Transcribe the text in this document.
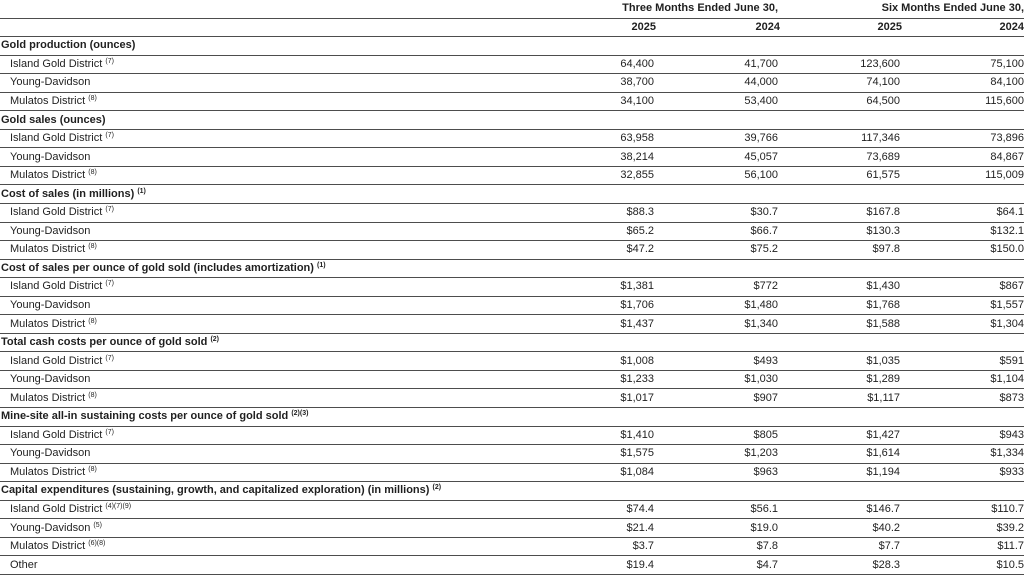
	Three Months Ended June 30,		Six Months Ended June 30,	
	2025	2024	2025	2024
Gold production (ounces)				
Island Gold District $^{(7)}$	64,400	41,700	123,600	75,100
Young-Davidson	38,700	44,000	74,100	84,100
Mulatos District $^{(8)}$	34,100	53,400	64,500	115,600
Gold sales (ounces)				
Island Gold District $^{(7)}$	63,958	39,766	117,346	73,896
Young-Davidson	38,214	45,057	73,689	84,867
Mulatos District $^{(8)}$	32,855	56,100	61,575	115,009
Cost of sales (in millions) $^{(1)}$
Island Gold District $^{(7)}$	$88.3	$30.7	$167.8	$64.1
Young-Davidson	$65.2	$66.7	$130.3	$132.1
Mulatos District $^{(8)}$	$47.2	$75.2	$97.8	$150.0
Cost of sales per ounce of gold sold (includes amortization) $^{(1)}$
Island Gold District $^{(7)}$	$1,381	$772	$1,430	$867
Young-Davidson	$1,706	$1,480	$1,768	$1,557
Mulatos District $^{(8)}$	$1,437	$1,340	$1,588	$1,304
Total cash costs per ounce of gold sold $^{(2)}$
Island Gold District $^{(7)}$	$1,008	$493	$1,035	$591
Young-Davidson	$1,233	$1,030	$1,289	$1,104
Mulatos District $^{(8)}$	$1,017	$907	$1,117	$873
Mine-site all-in sustaining costs per ounce of gold sold $^{(2)(3)}$
Island Gold District $^{(7)}$	$1,410	$805	$1,427	$943
Young-Davidson	$1,575	$1,203	$1,614	$1,334
Mulatos District $^{(8)}$	$1,084	$963	$1,194	$933
Capital expenditures (sustaining, growth, and capitalized exploration) (in millions) $^{(2)}$
Island Gold District $^{(4)(7)(9)}$	$74.4	$56.1	$146.7	$110.7
Young-Davidson $^{(5)}$	$21.4	$19.0	$40.2	$39.2
Mulatos District $^{(6)(8)}$	$3.7	$7.8	$7.7	$11.7
Other	$19.4	$4.7	$28.3	$10.5
